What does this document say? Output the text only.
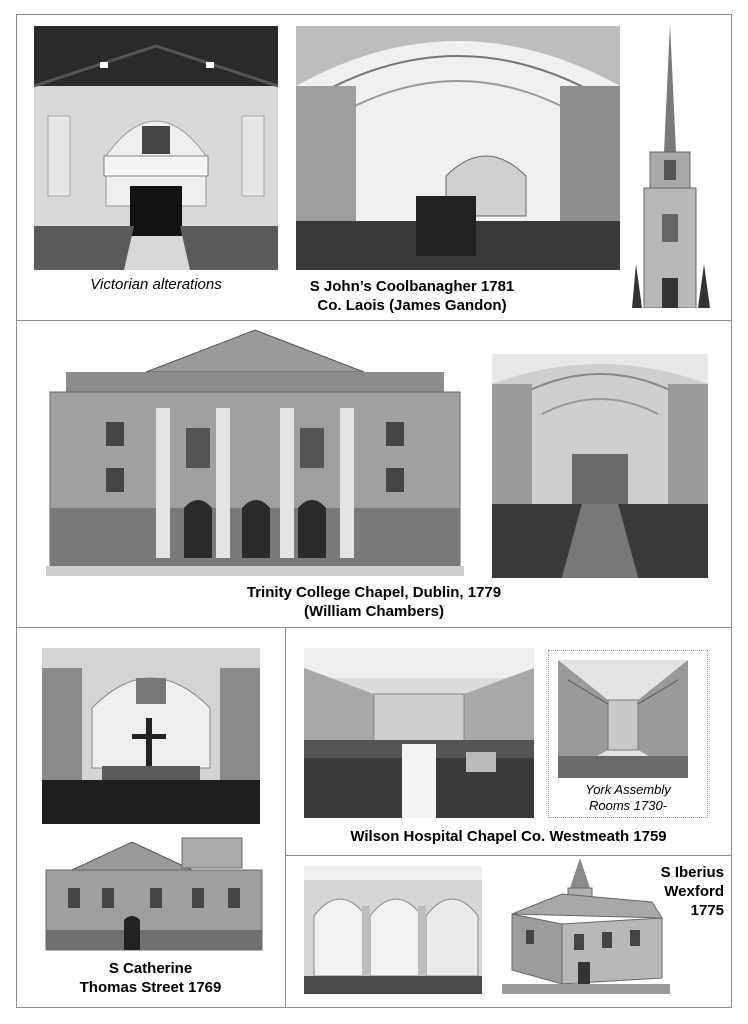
Victorian alterations	S John’s Coolbanagher 1781
Co. Laois (James Gandon)
Trinity College Chapel, Dublin, 1779
(William Chambers)
S Catherine
Thomas Street 1769
York Assembly
Rooms 1730-
Wilson Hospital Chapel Co. Westmeath 1759
S Iberius
Wexford
1775
